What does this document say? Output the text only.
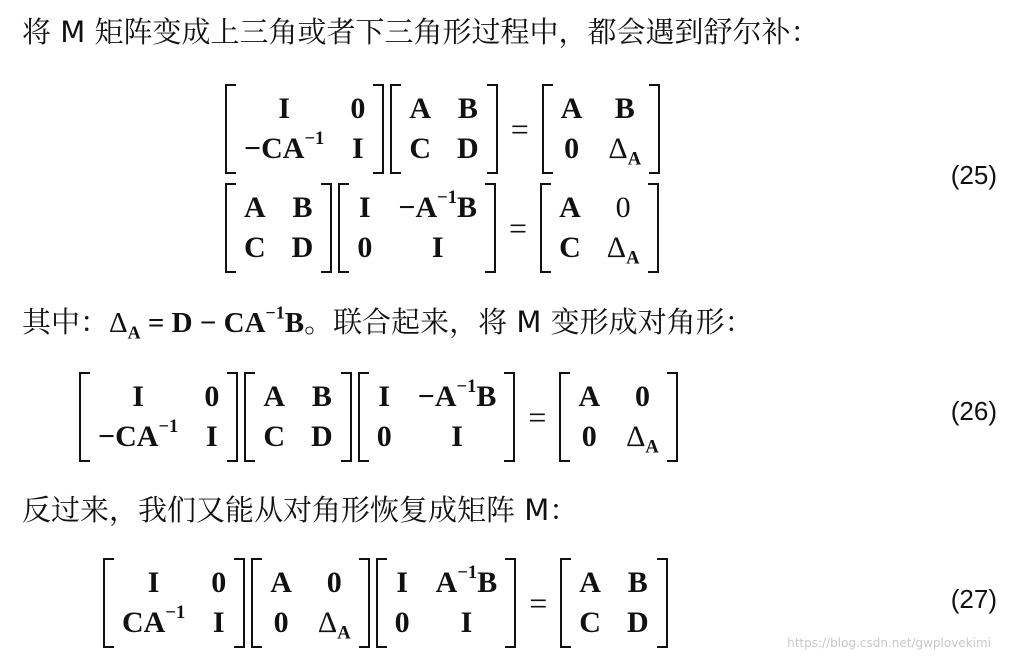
将 M 矩阵变成上三角或者下三角形过程中，都会遇到舒尔补：
I	0
$-CA^{-1}$ I
A B
C D
=
A B
0 $\Delta_A$
A B
C D
$I -A^{-1}B$
0	I
=
A 0
C $\Delta_A$
(25)
其中：$\Delta_A = D - CA^{-1}B$。联合起来，将 M 变形成对角形：
I	0
$-CA^{-1}$ I
A B
C D
$I -A^{-1}B$
0	I
=
A 0
0 $\Delta_A$
(26)
反过来，我们又能从对角形恢复成矩阵 M：
I	0
$CA^{-1}$ I
A 0
0 $\Delta_A$
I $A^{-1}B$
0	I
=
A B
C D
(27)
https://blog.csdn.net/gwplovekimi
